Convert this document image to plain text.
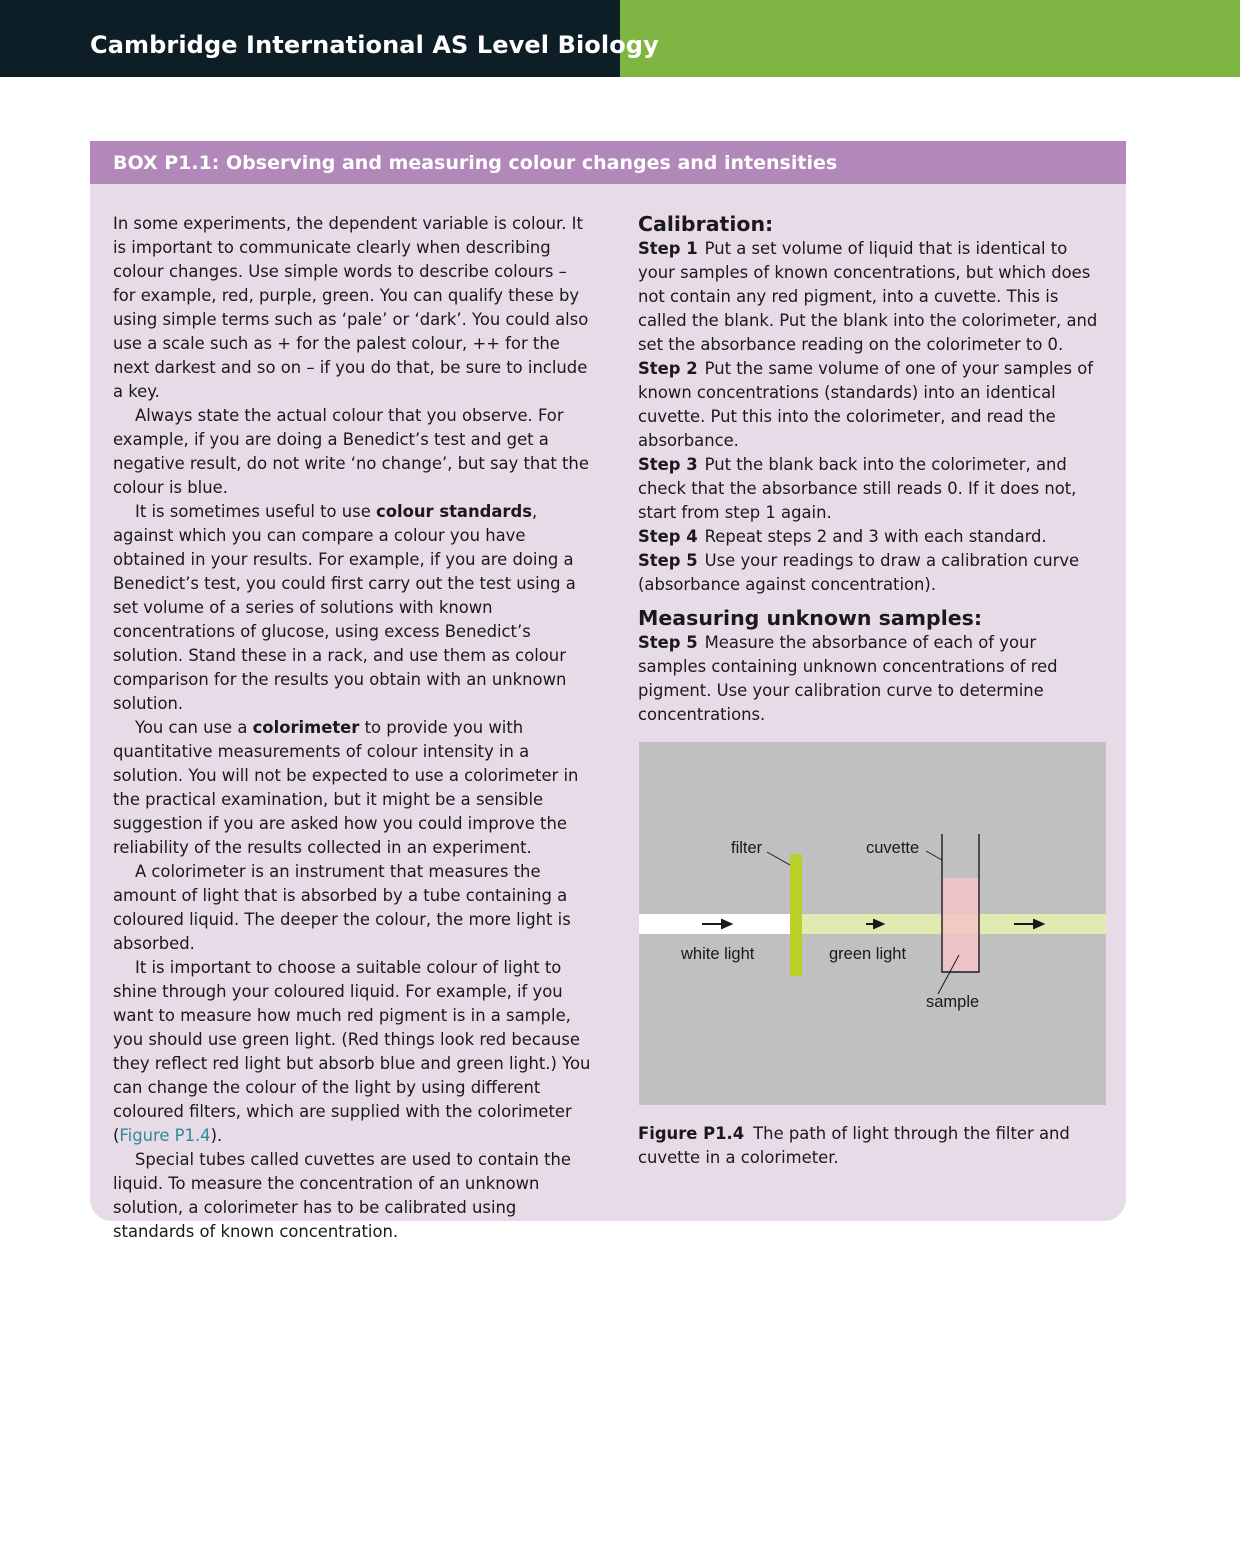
Cambridge International AS Level Biology
BOX P1.1: Observing and measuring colour changes and intensities

In some experiments, the dependent variable is colour. It is important to communicate clearly when describing colour changes. Use simple words to describe colours – for example, red, purple, green. You can qualify these by using simple terms such as ‘pale’ or ‘dark’. You could also use a scale such as + for the palest colour, ++ for the next darkest and so on – if you do that, be sure to include a key.

Always state the actual colour that you observe. For example, if you are doing a Benedict’s test and get a negative result, do not write ‘no change’, but say that the colour is blue.

It is sometimes useful to use colour standards, against which you can compare a colour you have obtained in your results. For example, if you are doing a Benedict’s test, you could first carry out the test using a set volume of a series of solutions with known concentrations of glucose, using excess Benedict’s solution. Stand these in a rack, and use them as colour comparison for the results you obtain with an unknown solution.

You can use a colorimeter to provide you with quantitative measurements of colour intensity in a solution. You will not be expected to use a colorimeter in the practical examination, but it might be a sensible suggestion if you are asked how you could improve the reliability of the results collected in an experiment.

A colorimeter is an instrument that measures the amount of light that is absorbed by a tube containing a coloured liquid. The deeper the colour, the more light is absorbed.

It is important to choose a suitable colour of light to shine through your coloured liquid. For example, if you want to measure how much red pigment is in a sample, you should use green light. (Red things look red because they reflect red light but absorb blue and green light.) You can change the colour of the light by using different coloured filters, which are supplied with the colorimeter (Figure P1.4).

Special tubes called cuvettes are used to contain the liquid. To measure the concentration of an unknown solution, a colorimeter has to be calibrated using standards of known concentration.

Calibration:

Step 1 Put a set volume of liquid that is identical to your samples of known concentrations, but which does not contain any red pigment, into a cuvette. This is called the blank. Put the blank into the colorimeter, and set the absorbance reading on the colorimeter to 0.

Step 2 Put the same volume of one of your samples of known concentrations (standards) into an identical cuvette. Put this into the colorimeter, and read the absorbance.

Step 3 Put the blank back into the colorimeter, and check that the absorbance still reads 0. If it does not, start from step 1 again.

Step 4 Repeat steps 2 and 3 with each standard.

Step 5 Use your readings to draw a calibration curve (absorbance against concentration).

Measuring unknown samples:

Step 5 Measure the absorbance of each of your samples containing unknown concentrations of red pigment. Use your calibration curve to determine concentrations.

filter	cuvette
white light	green light
sample
Figure P1.4 The path of light through the filter and cuvette in a colorimeter.
